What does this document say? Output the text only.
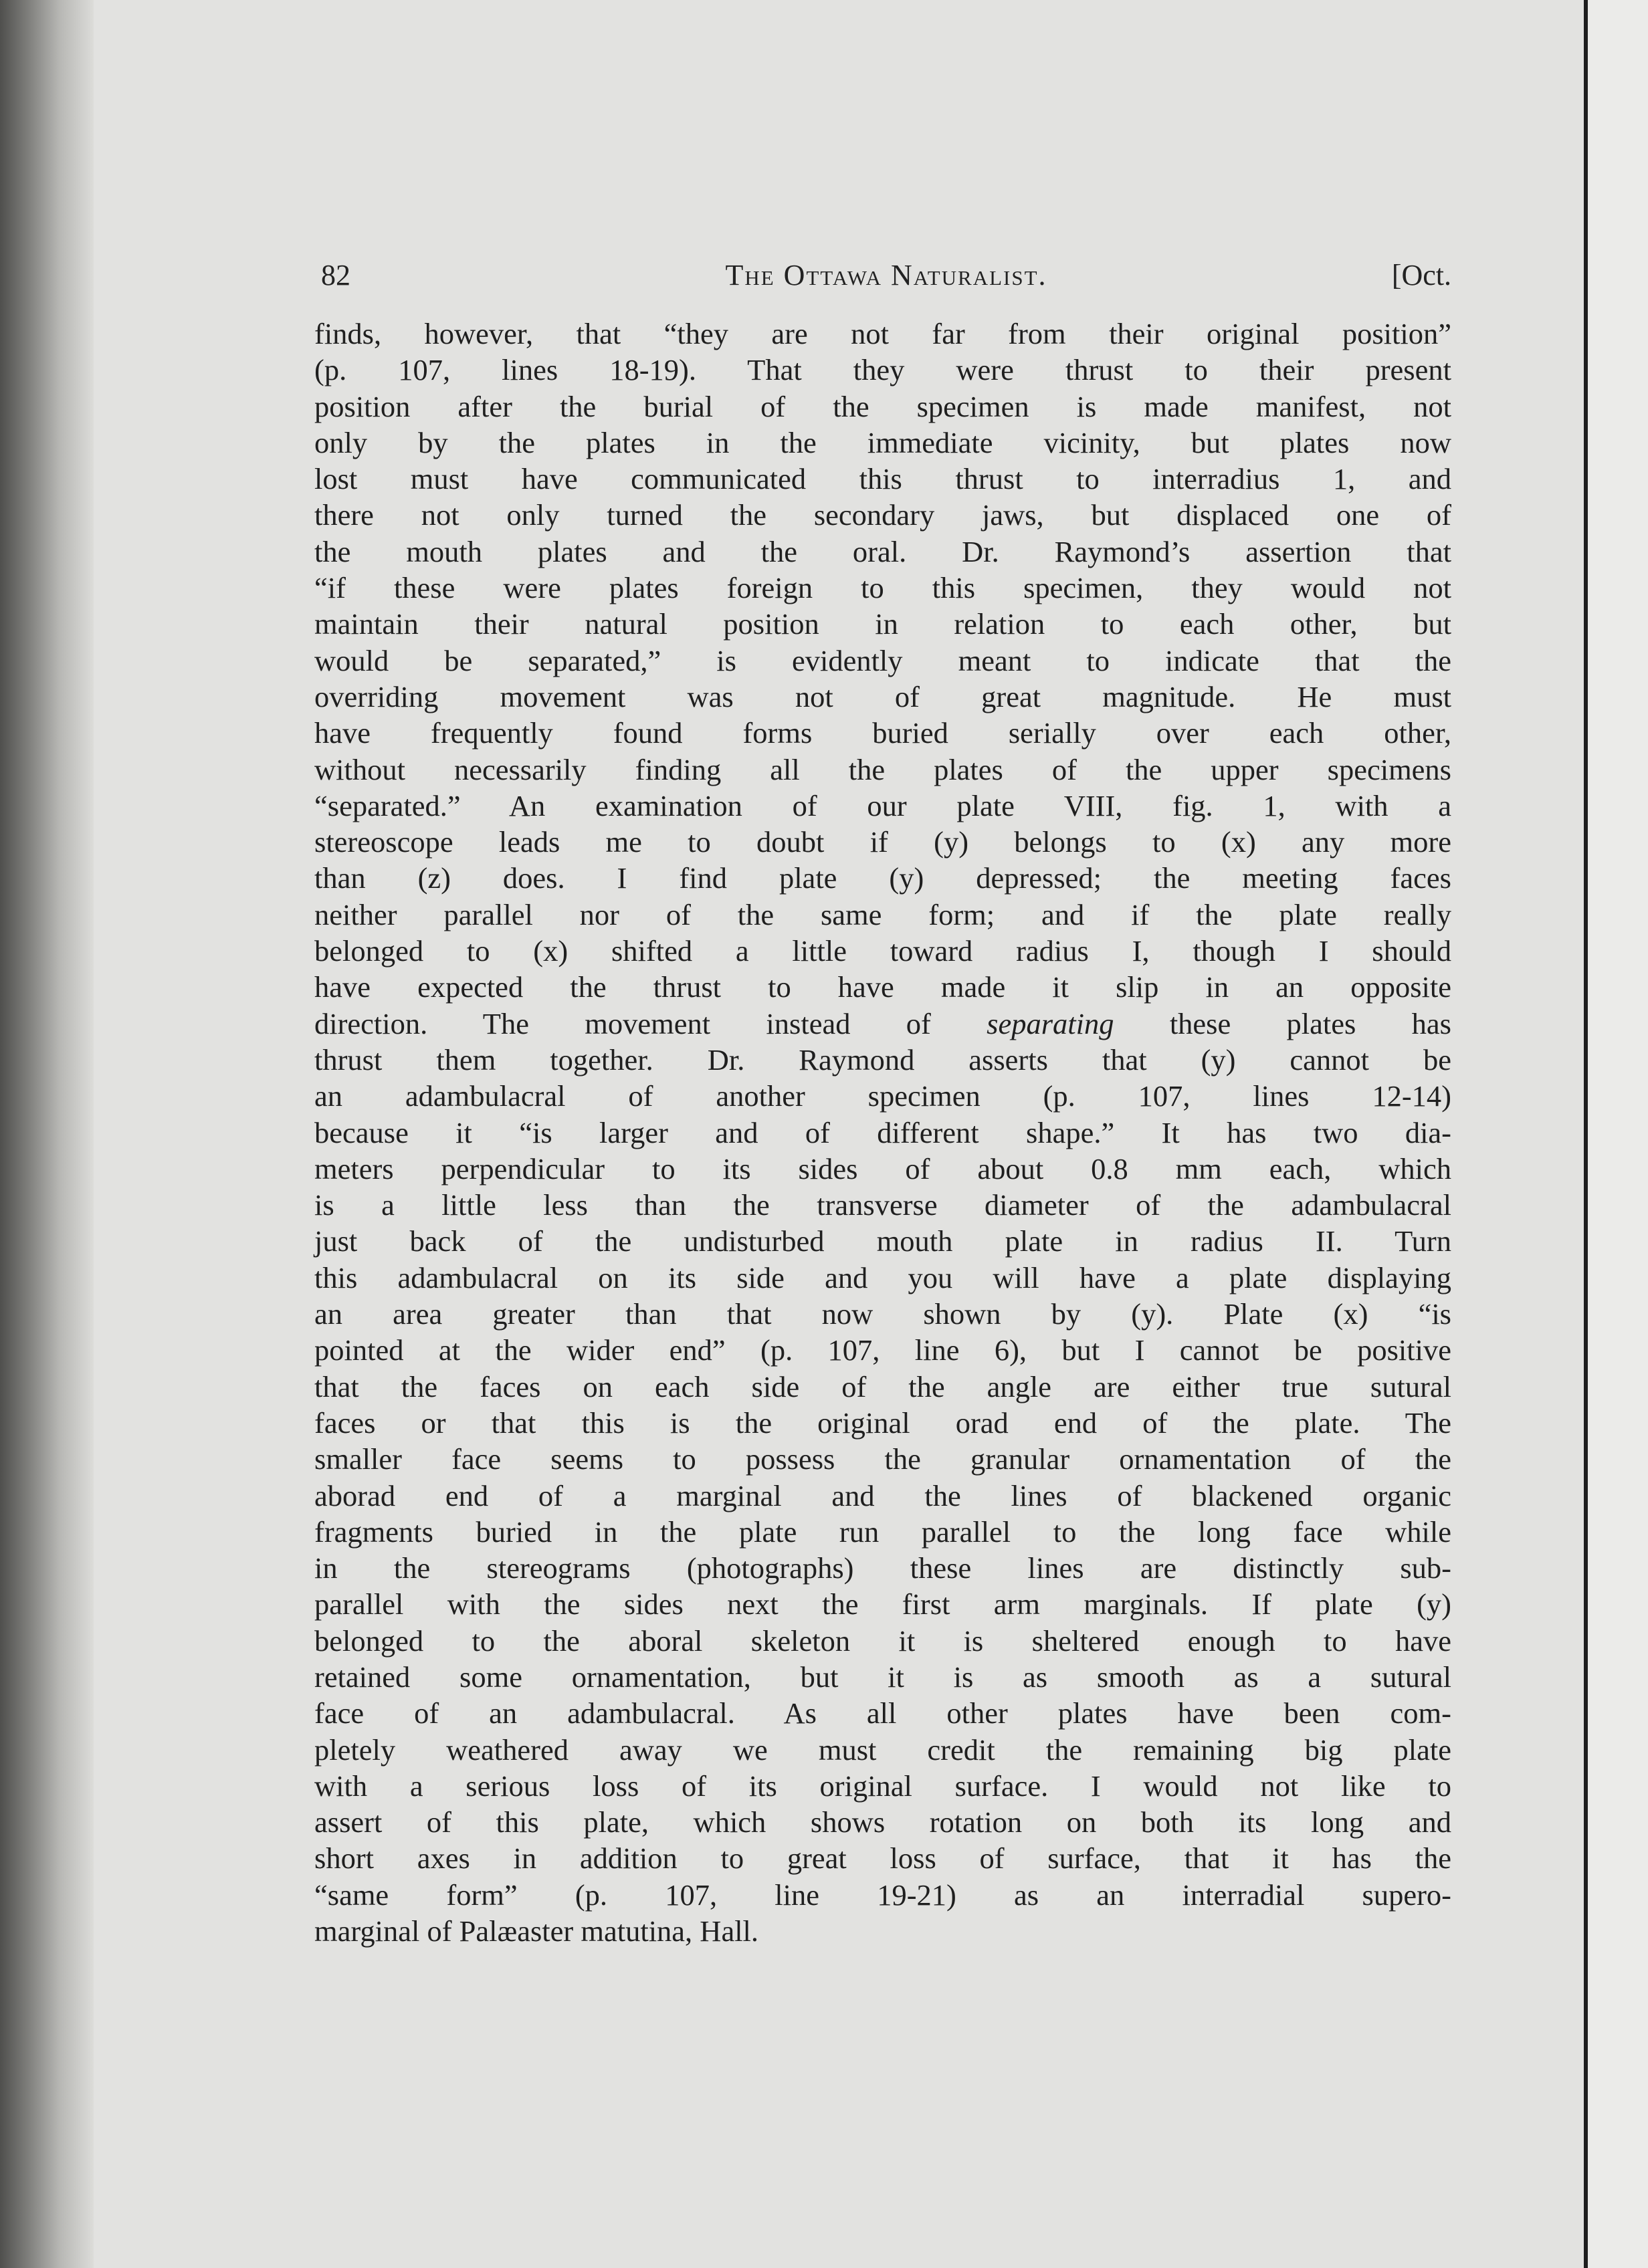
82	The Ottawa Naturalist.	[Oct.

finds, however, that “they are not far from their original position”
(p. 107, lines 18-19). That they were thrust to their present
position after the burial of the specimen is made manifest, not
only by the plates in the immediate vicinity, but plates now
lost must have communicated this thrust to interradius 1, and
there not only turned the secondary jaws, but displaced one of
the mouth plates and the oral. Dr. Raymond’s assertion that
“if these were plates foreign to this specimen, they would not
maintain their natural position in relation to each other, but
would be separated,” is evidently meant to indicate that the
overriding movement was not of great magnitude. He must
have frequently found forms buried serially over each other,
without necessarily finding all the plates of the upper specimens
“separated.” An examination of our plate VIII, fig. 1, with a
stereoscope leads me to doubt if (y) belongs to (x) any more
than (z) does. I find plate (y) depressed; the meeting faces
neither parallel nor of the same form; and if the plate really
belonged to (x) shifted a little toward radius I, though I should
have expected the thrust to have made it slip in an opposite
direction. The movement instead of separating these plates has
thrust them together. Dr. Raymond asserts that (y) cannot be
an adambulacral of another specimen (p. 107, lines 12-14)
because it “is larger and of different shape.” It has two dia-
meters perpendicular to its sides of about 0.8 mm each, which
is a little less than the transverse diameter of the adambulacral
just back of the undisturbed mouth plate in radius II. Turn
this adambulacral on its side and you will have a plate displaying
an area greater than that now shown by (y). Plate (x) “is
pointed at the wider end” (p. 107, line 6), but I cannot be positive
that the faces on each side of the angle are either true sutural
faces or that this is the original orad end of the plate. The
smaller face seems to possess the granular ornamentation of the
aborad end of a marginal and the lines of blackened organic
fragments buried in the plate run parallel to the long face while
in the stereograms (photographs) these lines are distinctly sub-
parallel with the sides next the first arm marginals. If plate (y)
belonged to the aboral skeleton it is sheltered enough to have
retained some ornamentation, but it is as smooth as a sutural
face of an adambulacral. As all other plates have been com-
pletely weathered away we must credit the remaining big plate
with a serious loss of its original surface. I would not like to
assert of this plate, which shows rotation on both its long and
short axes in addition to great loss of surface, that it has the
“same form” (p. 107, line 19-21) as an interradial supero-
marginal of Palæaster matutina, Hall.
